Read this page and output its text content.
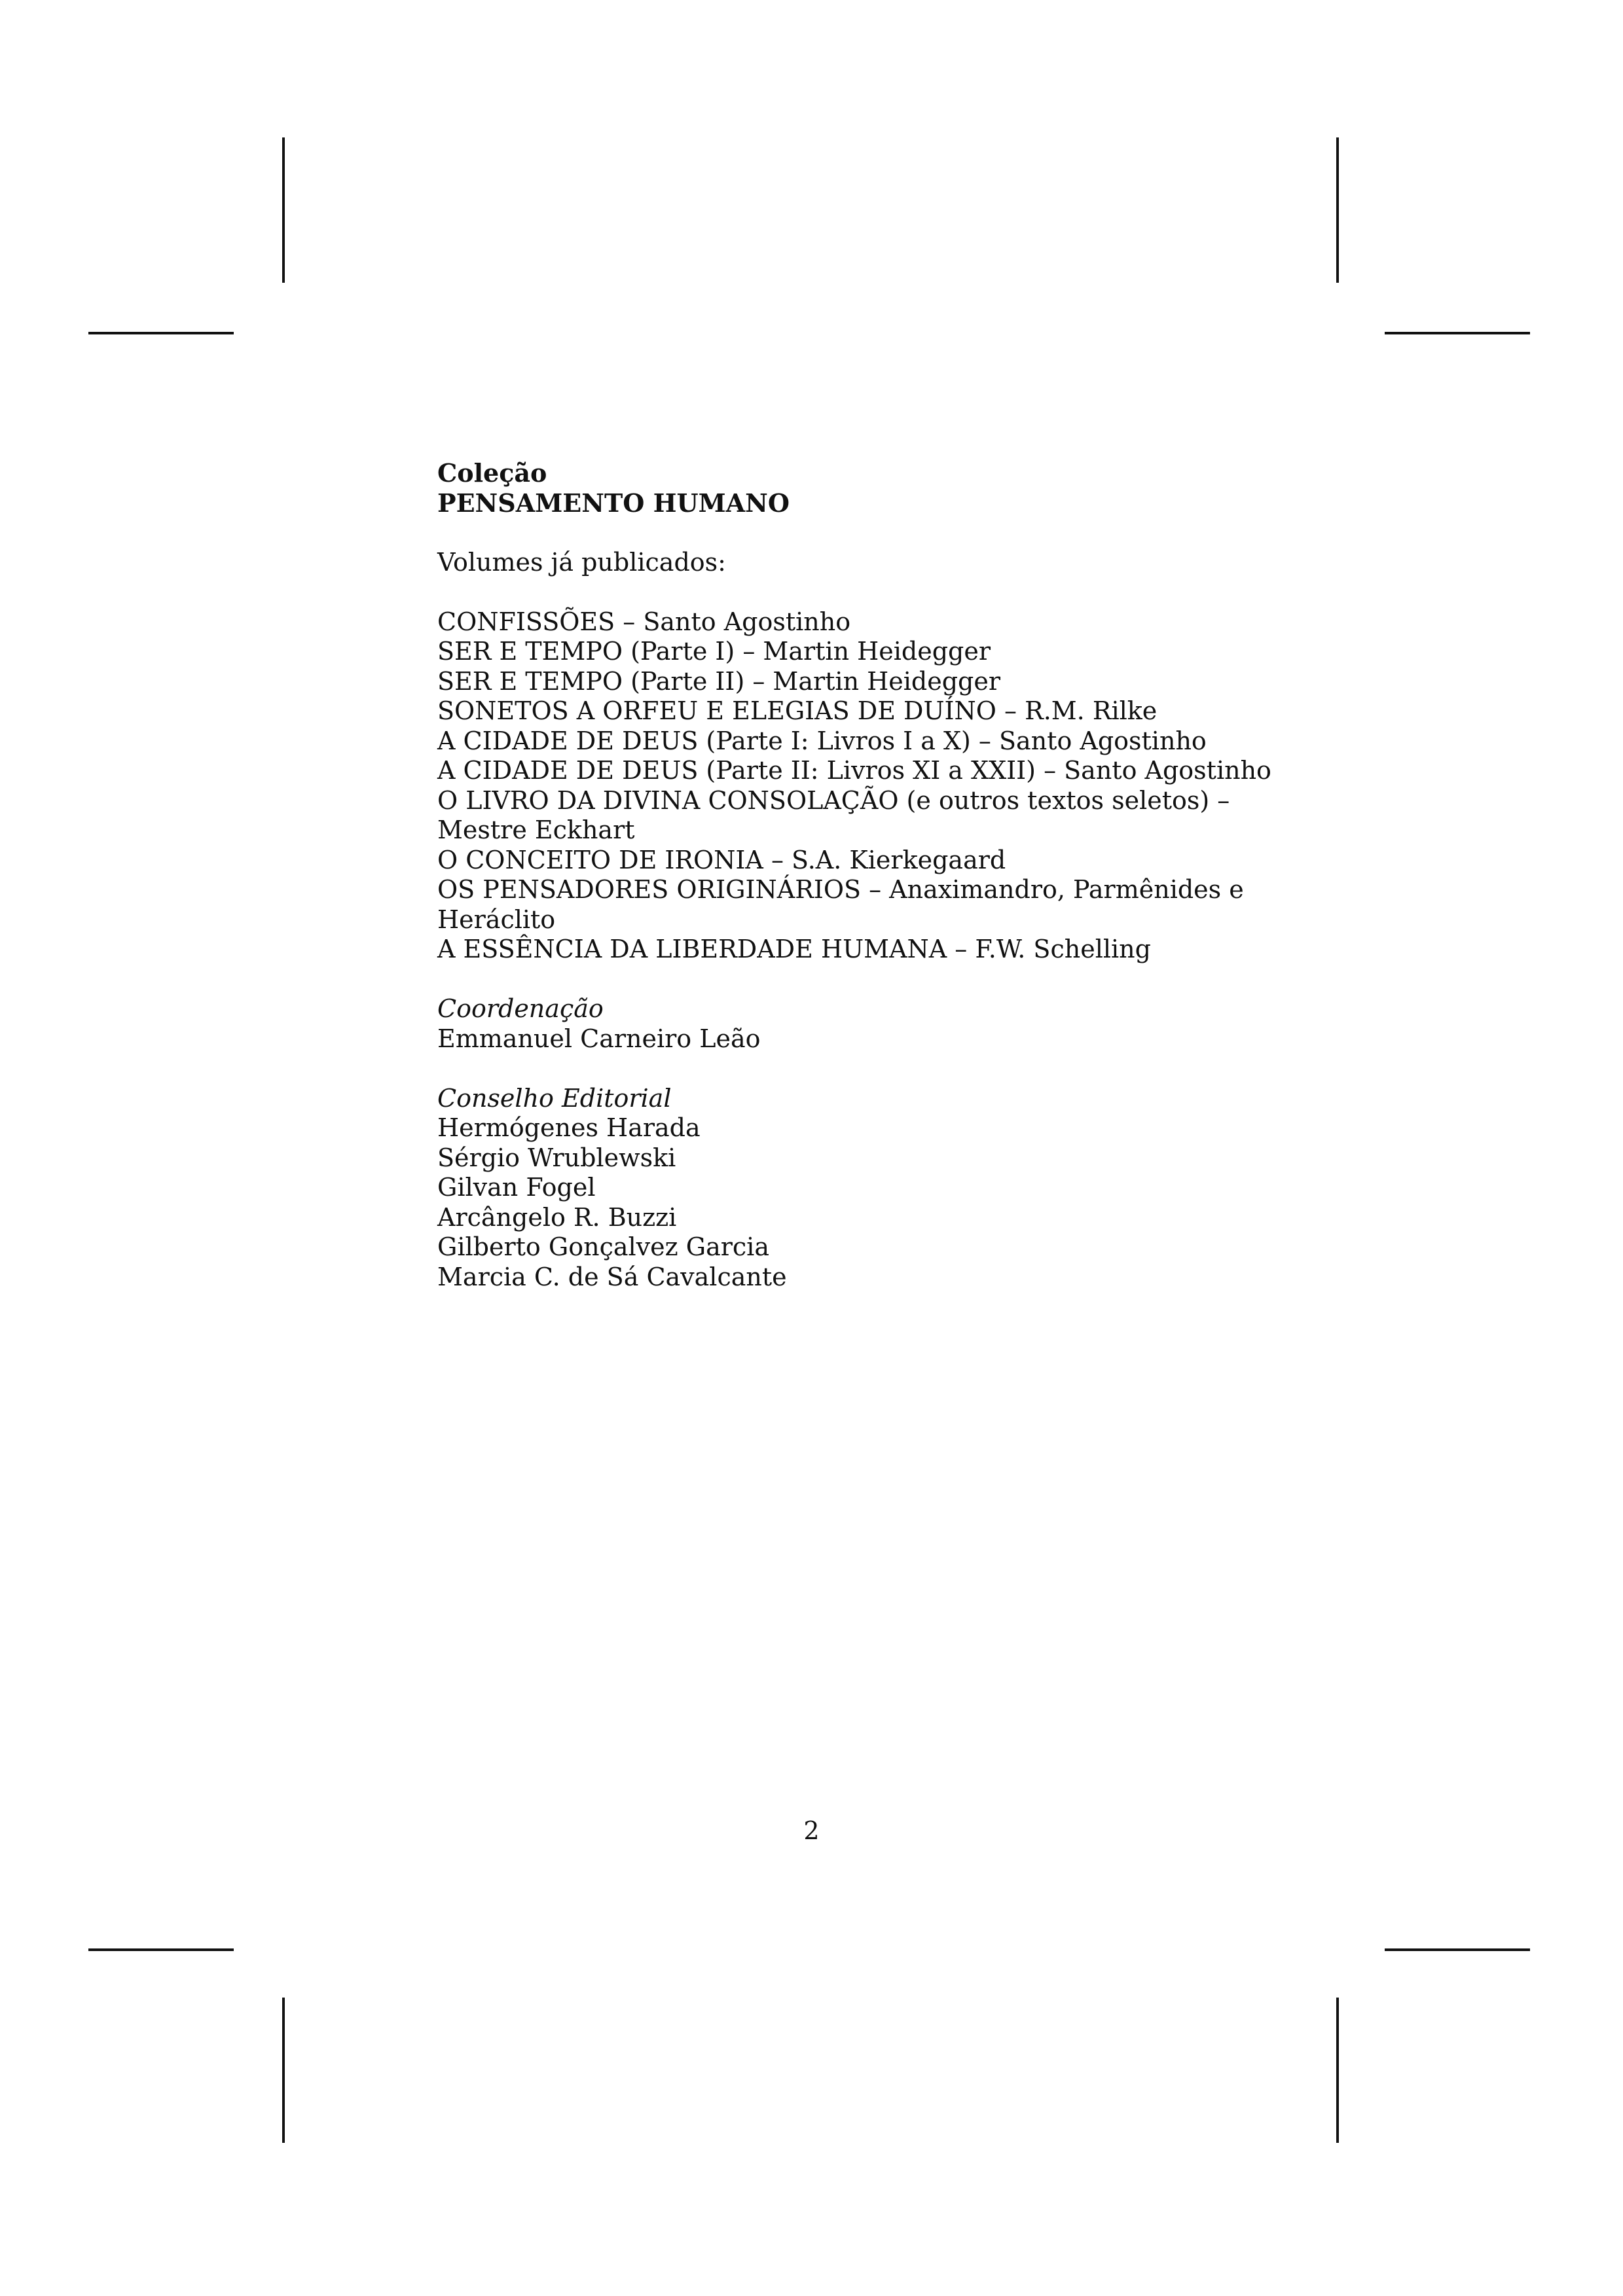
Coleção
PENSAMENTO HUMANO
Volumes já publicados:
CONFISSÕES – Santo Agostinho
SER E TEMPO (Parte I) – Martin Heidegger
SER E TEMPO (Parte II) – Martin Heidegger
SONETOS A ORFEU E ELEGIAS DE DUÍNO – R.M. Rilke
A CIDADE DE DEUS (Parte I: Livros I a X) – Santo Agostinho
A CIDADE DE DEUS (Parte II: Livros XI a XXII) – Santo Agostinho
O LIVRO DA DIVINA CONSOLAÇÃO (e outros textos seletos) –
Mestre Eckhart
O CONCEITO DE IRONIA – S.A. Kierkegaard
OS PENSADORES ORIGINÁRIOS – Anaximandro, Parmênides e
Heráclito
A ESSÊNCIA DA LIBERDADE HUMANA – F.W. Schelling
Coordenação
Emmanuel Carneiro Leão
Conselho Editorial
Hermógenes Harada
Sérgio Wrublewski
Gilvan Fogel
Arcângelo R. Buzzi
Gilberto Gonçalvez Garcia
Marcia C. de Sá Cavalcante
2
